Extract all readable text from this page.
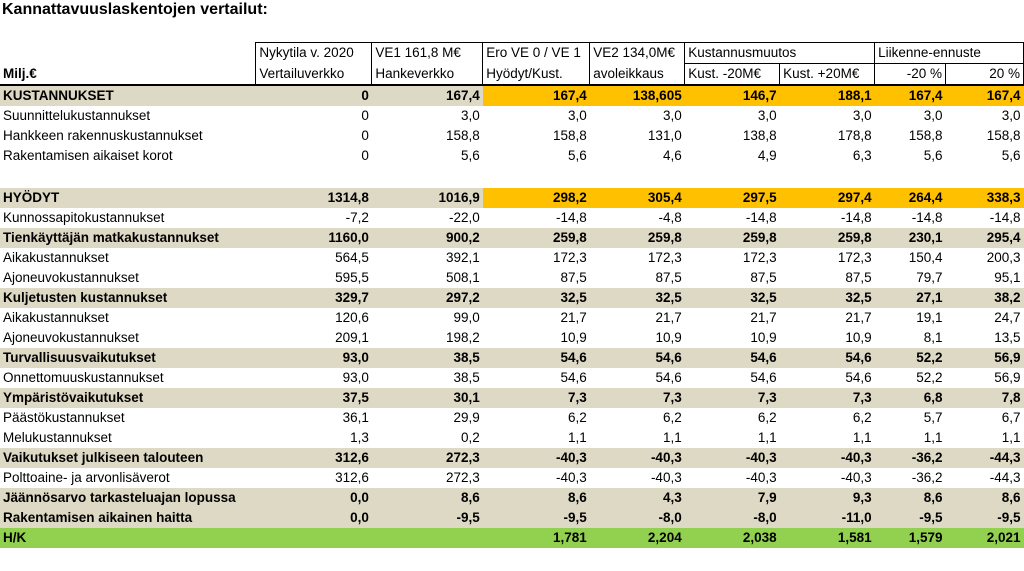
Kannattavuuslaskentojen vertailut:
	Nykytila v. 2020	VE1 161,8 M€	Ero VE 0 / VE 1	VE2 134,0M€	Kustannusmuutos		Liikenne-ennuste	
Milj.€	Vertailuverkko	Hankeverkko	Hyödyt/Kust.	avoleikkaus	Kust. -20M€	Kust. +20M€	-20 %	20 %
KUSTANNUKSET	0	167,4	167,4	138,605	146,7	188,1	167,4	167,4
Suunnittelukustannukset	0	3,0	3,0	3,0	3,0	3,0	3,0	3,0
Hankkeen rakennuskustannukset	0	158,8	158,8	131,0	138,8	178,8	158,8	158,8
Rakentamisen aikaiset korot	0	5,6	5,6	4,6	4,9	6,3	5,6	5,6

HYÖDYT	1314,8	1016,9	298,2	305,4	297,5	297,4	264,4	338,3
Kunnossapitokustannukset	-7,2	-22,0	-14,8	-4,8	-14,8	-14,8	-14,8	-14,8
Tienkäyttäjän matkakustannukset	1160,0	900,2	259,8	259,8	259,8	259,8	230,1	295,4
Aikakustannukset	564,5	392,1	172,3	172,3	172,3	172,3	150,4	200,3
Ajoneuvokustannukset	595,5	508,1	87,5	87,5	87,5	87,5	79,7	95,1
Kuljetusten kustannukset	329,7	297,2	32,5	32,5	32,5	32,5	27,1	38,2
Aikakustannukset	120,6	99,0	21,7	21,7	21,7	21,7	19,1	24,7
Ajoneuvokustannukset	209,1	198,2	10,9	10,9	10,9	10,9	8,1	13,5
Turvallisuusvaikutukset	93,0	38,5	54,6	54,6	54,6	54,6	52,2	56,9
Onnettomuuskustannukset	93,0	38,5	54,6	54,6	54,6	54,6	52,2	56,9
Ympäristövaikutukset	37,5	30,1	7,3	7,3	7,3	7,3	6,8	7,8
Päästökustannukset	36,1	29,9	6,2	6,2	6,2	6,2	5,7	6,7
Melukustannukset	1,3	0,2	1,1	1,1	1,1	1,1	1,1	1,1
Vaikutukset julkiseen talouteen	312,6	272,3	-40,3	-40,3	-40,3	-40,3	-36,2	-44,3
Polttoaine- ja arvonlisäverot	312,6	272,3	-40,3	-40,3	-40,3	-40,3	-36,2	-44,3
Jäännösarvo tarkasteluajan lopussa	0,0	8,6	8,6	4,3	7,9	9,3	8,6	8,6
Rakentamisen aikainen haitta	0,0	-9,5	-9,5	-8,0	-8,0	-11,0	-9,5	-9,5
H/K			1,781	2,204	2,038	1,581	1,579	2,021
